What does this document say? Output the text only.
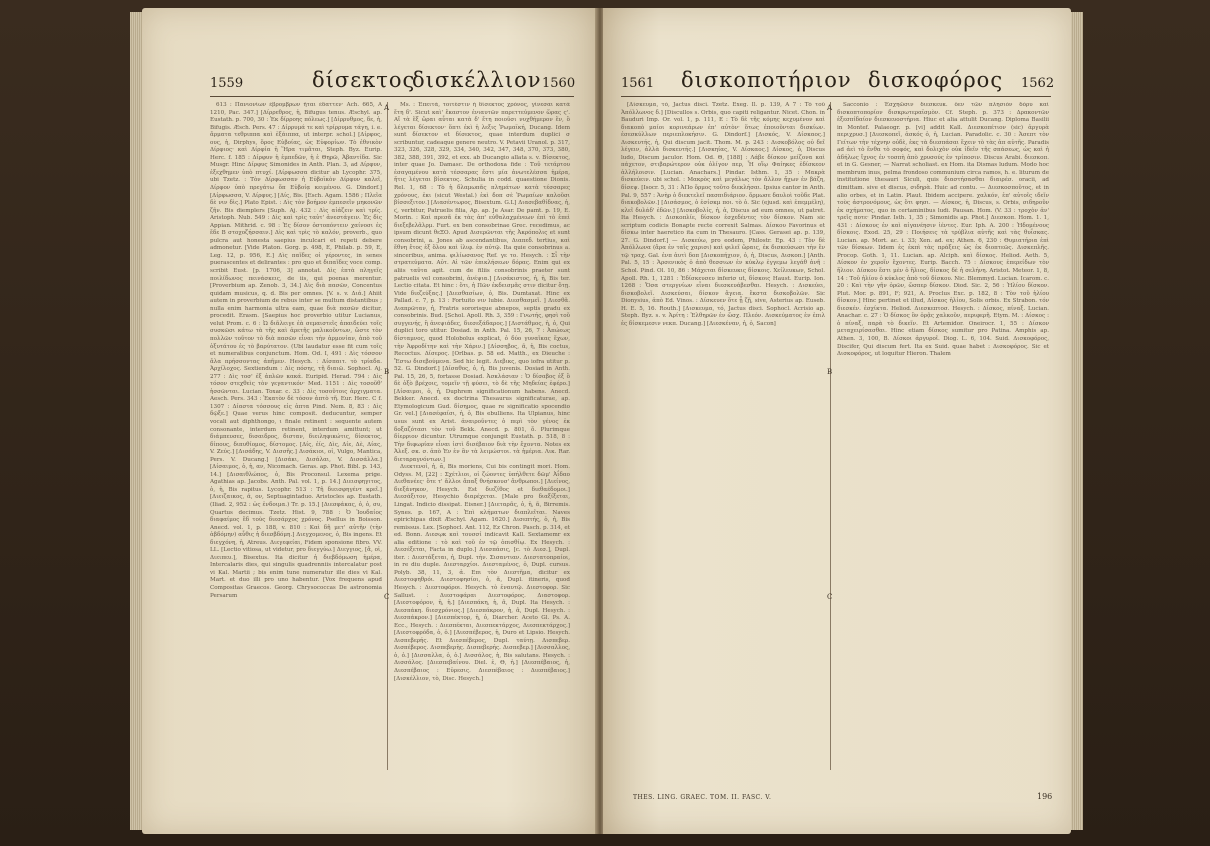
1559	δίσεκτος
δισκέλλιον 1560

613 : Πανιονίων ἐβρομβρων ῆται ἐδαττεν· Ach. 665, A 1210, Pac. 347.] [Δίρρεθρος, ἡ, Bifugus tenus. Æschyl. ap. Eustath. p. 700, 30 : Ἐκ δίρροης πόλεως.] [Δίρρυθμος, δε, ἡ, Bifugis. Æsch. Pers. 47 : Δίρρυμά τε καὶ τρίρρυμα τάγη, i. e. ἅρματα τεθριππα καὶ ἑξάιππα, ut interpr. schol.] [Δίρφος, ους, ἡ, Dirphys, ὄρος Εὐβοίας, ὡς Εὐφορίων. Τὸ ἐθνικὸν Δίρφιος· καὶ Δίρφία ἡ Ἥρα τιμᾶται, Steph. Byz. Eurip. Herc. f. 185 : Δίρφυν ἡ ἐμπεδῶν, ἡ ἐ Θηρῶ, Ἀβαντίδα. Sic Musgr. Hinc Δίρφυς Simonides in Anth. Plan. 3, ad Δίρφυν, ἐξεχθημεν ὑπὸ πτυχί. [Δίρφωσσα dicitur ab Lycophr. 375, ubi Tzetz. : Τὸν Δίρφωσσαν ἡ Εὐβοϊκὸν Δίρφυν καλεῖ, Δίρφον ὑπὸ πρεγάτω ὄπ Εὐβοίᾳ κειμένου. G. Dindorf.] [Δίρφωσσα, V. Δίρφυς.] [Δίς, Bis. [Esch. Agam. 1586 ; Πλεῖα δὲ νιν δὶς.] Plato Epist. : Δὶς τὸν βοήμον ἐμπεσεῖν μηκονῶν ζῆν. Bis diemplers [Suph. Aj. 432 : Δὶς αἰάζειν καὶ τρίς. Aristoph. Nub. 549 : Δὶς καὶ τρὶς ταὐτ' ἀνεστάγειν. Ἐς δὶς Appian. Mithrid. c. 98 : Ἐς δίσον ὀστοπόντειν χαίνοσι ἐς ἔδε B στοχοζήσσαιν.] Δὶς καὶ τρὶς τὸ καλόν, proverb., quo pulcra aut honesta saepius inculcari et repeti debere admonetur. [Vide Platon. Gorg. p. 498, E, Philab. p. 59, E, Leg. 12, p. 956, E.] Δὶς παῖδες οἱ γέροντες, in senes puerascentes et delirantes : pro quo et διπαῖδες voce comp. scribit Eust. [p. 1706, 3] annotat. Δὶς ἐπτὰ πληγεῖς ποιλίδωνος πεινάσκεις, de iis, qui poenas merentur. [Proverbium ap. Zenob. 3, 34.] Δὶς διὰ πασῶν, Concentus quidam musicus, q. d. Bis per omnes. [V. s. v. Διά.] Ahiit autem in proverbium de rebus inter se multum distantibus ; nulla enim harmonia ultra eam, quae διὰ πασῶν dicitur, procedit. Erasm. [Saepius hoc proverbio utitur Lucianus, velut Prom. c. 6 : Ὡ διᾶλειγε ἐὰ σεμαιστεῖς ἀπαιδεύει τοῖς συσκῶσι κάτω τὰ τῆς καὶ ἀρετῆς μαλικοῦντων, ὥστε τὸν πολλῶν τοῦτον τὸ διὰ πασῶν εἶναι τὴν ἀρμονίαν, ἀπὸ τοῦ ὀξυτάτου ἐς τὸ βαρύτατον. (Ubi laudatur esse fit cum τοῖς et numeralibus conjunctum. Hom. Od. I, 491 : Δὶς τόσσον ἅλα πρήσσοντας ἀπῆμεν. Hesych. : Δίσπαιτ. τὸ τρίαδα. Ἀρχίλοχος. Sextiendum : Δὶς πόσης, τῆ διαιῶ. Sophocl. Aj. 277 : Δὶς τοσ' ἐξ ἁπλῶν κακά. Euripid. Herad. 794 : Δὶς τόσον στεχθεὶς τὸν γεγαντικόν· Med. 1151 : Δὶς τοσοῦθ' ἡσσῶνται. Lucian. Toxar. c. 33 : Δὶς τοσοῦτοις ἀρχιγματα. Aesch. Pers. 343 : Ἐκατὸν δὲ τόσον ἀπτὸ τῆ. Eur. Herc. C f. 1307 : Δίαστα τόσσους εἰς ἀπτα Pind. Nem. 8, 83 : Δὶς δῷξε.] Quae verus hinc composit. deducuntur, semper vocali aut diphthongo, ι finale retinent : sequente autem consonante, interdum retinent, interdum amittunt; ut διάμπευσες, δισαιδρος, δισταν, διειληφικώτις, δίσεκτος, δίπους, διπυθίομος, δίστομος. [Δίς, ἐίς, Δὶς, Δίε, Δὲ, Δίας, V. Ζεύς.] [Δισάδης, V. Δισσῆς.] Δισάκιοι, οἱ, Vulgo, Mantica, Pers. V. Ducang.] [Δισάκι, Δισάλαι, V. Δισσάλλα.] [Δίσαιμος, ὁ, ἡ, αν, Nicomach. Geras. ap. Phot. Bibl. p. 143, 14.] [Δισαιθλώπος, ὁ, Bis Proconsul. Lexema prige. Agathias ap. Jacobs. Anth. Pal. vol. 1, p. 14.] Διεισφηγιτος, ὁ, ἡ, Bis rapitus. Lycophr. 513 : Τῆ διεισφηγέντ κρεῖ.] [Διειζαικος, ᾰ, ον, Septuagintaduo. Aristocles ap. Eustath. (Iliad. 2, 952 : ὡς ἐνδοιμα.) Tr. p. 15.] [Διεσφάκας, ὁ, ὁ, συ, Quartus decimus. Tzetz. Hist. 9, 788 : Ὁ Ἰουδαίος διαφαίμος ἔδ τοὺς διεσάρχος χρόνος. Psellus in Boisson. Anecd. vol. 1, p. 188, v. 810 : Καὶ δῆ μετ' αὐτῆν (τὴν ἀβδόμην) αὖθις ἡ διεσβδόμη.] Διεγχομενος, ὁ, Bis ingens. Et διεγχόνη, ἡ, Atreus. Διεγεφείαι, Fidem sponsione fibro. VV. LL. [Lectio vitiosa, ut videtur, pro διεγγύω.] Διεγγιος, [ἄ, οἱ, Διειπευ.], Bisextus. Ita dicitur ἡ διεβδόμωση ἡμέρα, Intercalaris dies, qui singulis quadrenniis intercalatur post vi Kal. Martii ; bis enim tune numeratur ille dies vi Kal. Mart. et duo illi pro uno habentur. [Vox frequens apud Compositas Graecos. Georg. Chrysococcas De astronomia Persarum

Ms. : Ἐπειτὰ, τοιτέστιν ἡ δίσεκτος χρόνος, γίνεσαι κατὰ ἔτη δ'. Sicut καὶ' ἕκαστον ἐνιαυτῶν παρεττεύμενον ὥρας ς'. Αἵ τὰ ἕξ ὥραι αὗται κατὰ δ' ἔτη ποιοῦσι νυχθήμερον ἕν, ὃ λέγεται δίσεκτον· ὅπτι ἐκὶ ἡ λεξις Ῥωμαϊκή, Ducang. Idem sunt δίσεκτον et δίσεκτος, quae interdum duplici σ scribuntur, cadeaque genere neutro. V. Petavii Uranol. p. 317, 323, 326, 328, 329, 334, 340, 342, 347, 348, 370, 373, 380, 382, 388, 391, 392, et exx. ab Ducangio allata s. v. Βίσεκτος, inter quae Jo. Damasc. De orthodoxa fide : Τοῦ τετάρτου ἐσαγαμένου κατὰ τέσσαρας ἔστι μία ἀνωτελέσσα ἡμέρα, ἥτις λέγεται βίσεκτος. Schulia in codd. quaestione Dionis. Rel. 1, 68 : Τὸ ἡ δλαμωπᾶς πλημάτων κατὰ τέσσαρες χρόνους, ἐκι (sicut Westal.) ἐκὶ δοπ σὲ Ῥωμαίων καλοῦσι βίσσεξιτον.] [Διασέντωρος, Bisextum. G.L] Διασεβαθίδνας, ἡ, ϛ, verbitur, Patruelis filia, Ap. ap. Je Asar. De pamt. p. 19, E. Morin. : Καὶ πρεσᾶ ἐκ τὰς ἀπ' εὐθαλαχμένεων ἐπὶ τὸ ἐπεὶ διεξεβελᾶλρμ. Furt. ex ben consobrinae Grec. recedimus, ac ipsum dicunt θεΞΟ. Apud Δισερῶνται τῆς Ἀκρόπολις et sunt consobrini, a. Jones ab ascendantibus, Διαπεδ. tertius, καὶ ἔθνη ἔτος ἐξ ὅλου καὶ ἰλιφ. ἐν αὐτῷ. Ita quie consobrinus a. sinceribus, anima. φιλίωσανος Ref. γε το. Hesych. : Σἶ τὴν στρατεύματα. Αὐτ. Αἱ τῶν ἐπικλήσεων δόρας. Enim qui ex aliis ταῦτα agit. cum de filiis consobrinis praeter sunt patruelis vel consobrini, ἀνέψια.] [Δισάκιστος, ἡ, ἡ, Bis ter. Lectio citata. Et hinc : ὅτι, ἡ Πῶν ἐκδεισμᾶς στιν dicitur ὅτῃ. Vide διεζεύξας.] [Διεσθασίων, ὁ, Bis. Dumtaxat. Hinc ex Pallad. c. 7, p. 13 : Fortuito νιν lubie. Διεσθασμεῖ. ] Διεσθᾶ. Διαπρῶταν, ἡ, Fratris sororisque abnepos, septis gradu ex consobrinis. Bud. [Schol. Apoll. Rh. 3, 359 : Γνωτής, φησὶ τοῦ συγγενής, ἢ ἀνεψιάδες, διεσεξάδαρος.] [Διστάθμος, ἡ, ὁ, Qui duplici toro utitur. Dosiad. in Anth. Pal. 15, 26, 7 : Ἀπώεως δίσταμνος, quod Holobolus explicat, ὁ δύο γυναῖκας ἔχων, τὴν Ἀφροδίτην καὶ τὴν Χάριν.] [Δίσσηβος, ᾶ, ἡ, Bis coctus, Recoctus. Δίσερος. [Orlbas. p. 58 ed. Matth., ex Dieuche : Ἔστω δισεβούμενα. Sed hic legit. Διεβικς, quo iofra utitur p. 52. G. Dindorf.] [Δίσαθος, ὁ, ἡ, Bis juvenis. Dosiad in Anth. Pal. 15, 26, 5, fortasse Dosiad. Ἀσκλάσιαν : Ὁ δίσαβος ἐξ ὃ δὲ ὁξὸ βρέχοις, τομεῖν τῇ φύσει, τὸ δὲ τῆς Μηδείας ἐφέρο.] [Δίσαιμοι, ὁ, ἡ, Duphrem significationum habens. Anecd. Bekker. Anecd. ex doctrina Thesaurus significaturae, ap. Etymologicum Gud. δίσημος, quae re significatio spocendio Gr. vel.] [Διασέφαίσι, ἡ, ὁ, Bis ebulliens. Ita Ulpianus, hinc usus sunt ex Arist. ἀναιροῦντες ὁ περὶ τὸν γένος ἐκ δοξαζότασι τὸν τοῦ Bekk. Anecd. p. 801, ὅ. Plurimque δίερριον dicuntur. Utrumque conjungit Eustath. p. 518, 8 : Τὴν διφωρίαν εἶναι ἱστὶ δισέβαιον διὰ τὴν ἔχοντα. Notes ex Ἀλεξ. σκ. σ. ἀπὸ Ἐν ἐν ἂν τὰ λειμώστοι. τὰ ἡμέρια. Λικ. Rar. διεταραγνόντων.]

Διεκτενοί, ἡ, ᾱ, Bis moriens, Cui bis contingit mori. Hom. Odyss. M, [22] : Σχέτλιοι, οἱ ζώοντες ὑπήλθετε δῶμ' Ἀΐδαο Διεθανέες· ὅτε τ' ἄλλοι ἅπαξ θνήσκουσ' ἄνθρωποι.] [Διείνος, διεξάνηκον, Hesych. Est διεζίθος et διεθαέδομοι.] Διεσάξιτον, Hesychio διαρέχεται. [Male pro διαξίξεται, Lingat. Indicio dissipat. Eisner.] [Διεταρᾶς, ὁ, ἡ, ᾶ, Birremis. Synes. p. 167, A : Ἐπὶ κλήματων διαπλεῖται. Naves epirichipas dixit Æschyl. Agam. 1620.] Δισεπτής, ὁ, ἡ, Bis remissus. Lex. [Sophocl. Ant. 112, Ez Chron. Pasch. p. 314, et ed. Bonn. Διεσῳκ καὶ τουσσί indicavit Kall. Sextamemr ex alia editione : τὸ καὶ τοῦ ἐν τῷ ὀπισθίῳ. Ex Hesych. : Διεσέξεται, Facta in duplo.] Διεσπάσις, [c. τὸ Διεσ.], Dupl. iter. : Διεστάξεται, ἡ, Dupl. τὴν. Σισαντιαν. Διεστατοπραίοι, in re diu duple. Διεσταρχίοι. Διεσταμένος, ὁ, Dupl. cursus. Polyb. 38, 11, 3, ἀ. Επι τὸν Διεστῆμα, dicitur ex Διεστοφηθρόι. Διεστοφησίοι, ὁ, ᾶ, Dupl. itineris, quod Hesych. : Διεστοφόροι. Hesych. τὸ ἐναυτῷ. Διεστοφορ. Sic Sallust. : Διεστοφάραι Διεστοφόρος. Διαστοφορ. [Διεστοφόρον, ἡ, ἡ.] [Διεσπάκη, ἡ, ᾶ, Dupl. Ita Hesych. : Διεσπάκη. διεσχρόνιος.] [Διεσπάκρον, ἡ, ᾶ, Dupl. Hesych. : Διεσπάκρον.] [Διεσπέκτορ, ἡ, ὁ, Diarcher. Aceto Gl. Ps. A. Ecc., Hesych. : Διεσπέκται, Διεσπεκτάρχος, Διεσπεκτάρχος.] [Διεστοφρόδα, ὁ, ὁ.] [Διεσπέβερος, ἡ, Duro et Lipsio. Hesych. Δισπεβερής. Et Διεσπέβερος, Dupl. ταύτῃ. Δισπεβερ. Δισπέβερος. Δισπεβερὴς. Δισπεβερής. Δισπεβερ.] [Δισσαλλος, ὁ, ὁ.] [Δισσαλλα, ὁ, ὁ.] Δισσάλος, ἡ, Bis salutans. Hesych. : Δισσάλος. [Διεσπεβαίνου. Diel. ἐ, Θ, ἡ.] [Διεσπέβαιος, ἡ, Διεσπέβαιος : Εὐρεσις. Διεσπέβαιος : Διεσπέβαιος.] [Δισκέλλιον, τὸ, Disc. Hesych.]

A
B
C
1561 δισκοποτήριον δισκοφόρος 1562

[Δίσκευμα, τό, Jactus disci. Tzetz. Exeg. Il. p. 139, A 7 : Τὸ τοῦ Ἀπόλλωνος δ.] [Discullos s. Orbis, quo capiti religantur. Nicet. Chon. in Bauduri Imp. Or. vol. 1, p. 111, E : Τὸ δὲ τῆς κόμης κεχυμένον καὶ διακοπὸ μαίοι κορινεάρων ἐπ' αὐτὸν· ὅτως ἐποιοῦνται δισκίων. ἐσεσκύλλων περιεπλοκήσιν. G. Dindorf.] [Δισκός, V. Δίσκαος.] Δισκευτής, ἡ, Qui discum jacit. Thom. M. p. 243 : Δισκοβόλος οὐ δεῖ λέγειν, ἀλλὰ δισκευτής.] [Δισκηίας, V. Δίσκαος.] Δίσκος, ὁ, Discus ludo, Discum jaculor. Hom. Od. Θ, [188] : Λάβε δίσκον μείζονα καὶ πάχετον, στιβαρώτερον οὐκ ὀλίγον περ, Ἦ οἵῳ Φαίηκες ἐδίσκεον ἀλλήλοισιν. [Lucian. Anachars.] Pindar. Isthm. 1, 35 : Μακρὰ δισκεύειν. ubi schol. : Μακρὸς καὶ μεγάλως τὸν ἄλλον ἤχων ἐν βάζη, δίσεψ. [Isocr. 5, 31 : ἈΠο ὄρμος τοῦτο διεκλήσαι. Ipsius cantor in Anth. Pal. 9, 557 : Ἀνὴρ ὁ διεκτελεῖ πασπιδιάριον. ὅρμωσε δαυλοὶ τοῦδε Plat. διακοβολῶν.] [Δισάσμος, ὁ ἐσίσκμ ποι. τὸ ὁ. Sic (ejusd. καὶ ἐπεμμέλη), κλεῖ δυλάδ' ἐδῶν.] [Δισκοβολίς, ἡ, ἀ, Discus ad eum omnes, ut patret. Ita Hesych. : Δισκοπλίε, δίσκον ἐσχεδέντες τὸν δίσκον. Nam sic scriptum codicis Bonapte recte correxit Salmas. Δίσκου Favorinus et δίσκω inter haeretico ita cum in Thesauro. [Cass. Gerasei ap. p. 139, 27. G. Dindorf.] — Δισκεύω, pro eodem, Philostr. Ep. 43 : Τὸν δὲ Ἀπόλλωνα (ἄρα ἐν ταῖς χαρισι) καὶ φιλεῖ ὥραις, ἐκ δισκεύσωσι τὴν ἔν τῷ τραχ. Gal. ἐνπ ἀυτὶ δοπ [Δισκοπήχιον, ὁ, ἡ, Discus, Δισκοπ.] [Anth. Pal. 5, 15 : Ἀρσενικὸς ὁ ἀπὸ θεσσιων ἐν κύκλῳ ἐγγεμω λεγάθ ἀνῆ : Schol. Pind. Ol. 10, 86 : Μάχεται δίσκευκις δίσκοις. Χείλευκων, Schol. Apoll. Rh. 1, 1281 : Ἐδίσκευσευ inferiσ ut, δίσκοις Haust. Eurip. Ion. 1268 : Ὅσα στεργνίων εἶναι διεσκευάβεσθαι. Hesych. : Δισκεύει, δισκοβολεῖ. Δισκεύσαι, δίσκον ἄγεια. ἔκστα δισκοβολῶν. Sic Dionysius, ἀπὸ Ed. Vinos. : Δίσκευεν ὅτε ᾗ ζῇ, sive, Asterius ap. Euseb. H. E. 5, 16. Routh.] [Δισκευμα, τό, Jactus disci. Sophocl. Acrisio ap. Steph. Byz. s. v. Ἀρίτη : Ἐλθηρῶν ἐν ὥσχ. Πλεόν. Δισκεύματος ἐν ἐπιλ ἐς δίσκεμεσιν νεκπ. Ducang.] [Διεσκέναν, ἡ, ὁ, Sacon]

Sacconio : Ἐσχηῶσιν διεσκευκ. ὅεν τῶν πλησιόν δόρυ καὶ δισκοπτοπορίον δισκρωτεραϊσμὸν. Cf. Steph. p. 373 : Δρακοντῶν ἐξεσπίδαίον διεσκευοστήρια. Hiuc et alia attulit Ducang. Diploma Basilii in Montef. Palaeogr. p. [vi] addit Kall. Διεσκοπέτιον (sic) ἀργυρὰ περιχρυσ.] [Διεσκοπεῖ, ἀσκός ὁ, ἡ, Lucian. Paradolic. c. 30 : Ἀσεπτ τὸν Γείτων τὴν τέχνην οὐδὲ, ἐκς τὰ διεσπάσαι ἔχειν τὸ τὰς ἀπ αὐτῆς. Paradis ad ἀεὶ τὸ ἔνθα τὸ σοφός, καὶ δολιχὸν οὐκ ἰδεῖν τῆς σπάσεως, ὡς καὶ ἡ ἀδήλως ἴχνος ἐν τοσπὴ ἀπὸ χρυσούς ἐν τρίποσιν. Discus Arabi. διεσκοπ. et in G. Gesner, — Narrat scholiast. ex Hom. ita Dismas ludum. Modo hoc membrum inus, pelma frondoso communium circa ramos, h. e. liturum de institutione thesauri Siculi, quis διαστήσασθαι διαιρέσ. oracii, ad dimittam. sive et discus, σιδηρὰ. Huic ad contu. — Διεσκοσποῦτος, et in alio orbes, et in Latin. Plaut. Ibidem accipere. χαλκόν, ἐπ' αὐτοῖς ιδεῖν τοὺς ἀστρονόμους, ὡς ὅτι φησι. — Δίσκος, ἡ, Discus, s. Orbis, σιδηροῦν ἐκ σχήματος, quo in certaminibus ludi. Pausan. Hom. (V. 33 : τροχὸν ἀν' τρεῖς ποτε· Pindar. Isth. 1, 35 ; Simonidis ap. Phot.] Διεσκοπ. Hom. 1. 1, 431 : Δίσκους ἐν καὶ αἰγανέησιν ἱέντες. Eur. Iph. A. 200 : Ἡδομένους δίσκοις. Exod. 25, 29 : Ποιήσεις τὰ τρύβλια αὐτῆς καὶ τὰς θυΐσκας. Lucian. ap. Mort. ac. i. 33; Xen. ad. ex; Athen. 6, 230 : Θυμιατήρια ἐπὶ τῶν δίσκων. Iidem ἐς ἐκπὶ τὰς πράξεις ὡς ἐκ διοπτεῶς. Δισκεπλῆς. Procop. Goth. 1, 11. Lucian. ap. Alciph. καὶ δίσκος. Heliod. Aeth. 5, Δίσκον ἐν χεροῖν ἔχοντες. Eurip. Bacch. 75 : Δίσκους ἐπερείδων τὸν ἥλιον. Δίσκου ἔστι μὲν ὁ ἥλιος, δίσκος δὲ ἡ σελήνη. Aristot. Meteor. 1, 8, 14 : Τοῦ ἡλίου ὁ κύκλος ἀπὸ τοῦ δίσκου. Nic. Blemmyd. Lucian. Icarom. c. 20 : Καὶ τὴν γῆν ὁρῶν, ὥσπερ δίσκον. Diod. Sic. 2, 56 : Ἡλίου δίσκον. Plut. Mor. p. 891, F; 921, A. Proclus Exc. p. 182, 8 : Τὸν τοῦ ἡλίου δίσκον.] Hinc pertinet et illud, Δίσκος ἡλίου, Solis orbis. Ex Strabon. τόν διεσκέν. ἐσχίκτα. Heliod. Διεσκεπτοσ. Hesych. : Δίσκος, πίναξ. Lucian. Anachar. c. 27 : Ὁ δίσκος ὃν ὁρᾷς χαλκοῦν, περιφερῆ. Etym. M. : Δίσκος : ὁ πίναξ, παρὰ τὸ δικεῖν. Et Artemidor. Oneirocr. 1, 55 : Δίσκον μεταχειρίσασθαι. Hinc etiam δίσκος sumitur pro Patina. Amphis ap. Athen. 3, 100, B. Δίσκοι ἀργυροῖ. Diog. L. 6, 104. Suid. Δισκοφόρος, Discifer, Qui discum fert. Ita ex Suid. quae habet : Δισκοφόρος. Sic et Δισκοφόρος, ut loquitur Hieron. Thalem

A
B
C
THES. LING. GRAEC. TOM. II. FASC. V.	196
